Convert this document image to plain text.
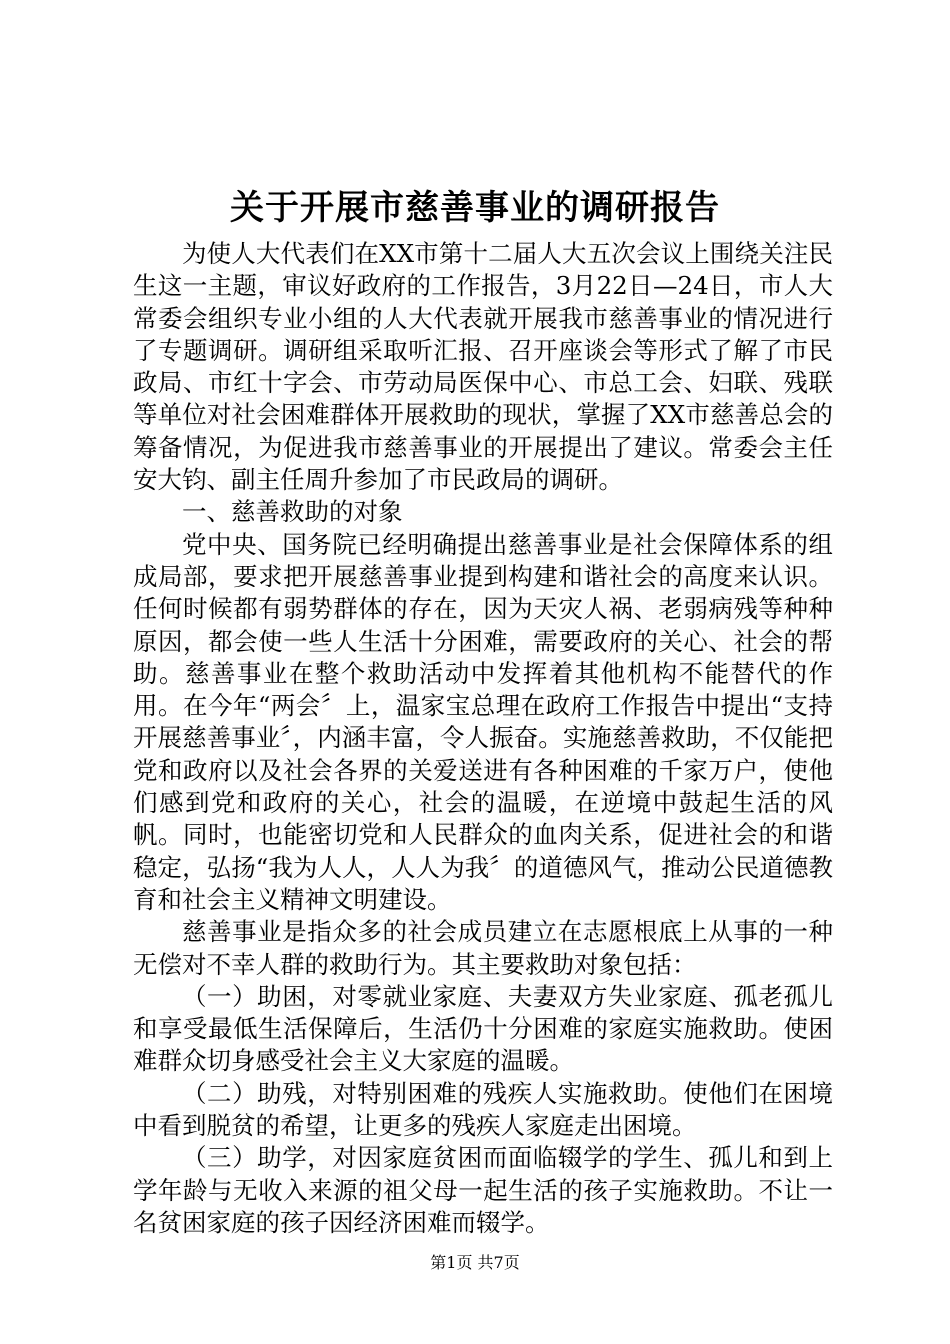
关于开展市慈善事业的调研报告

为使人大代表们在XX市第十二届人大五次会议上围绕关注民生这一主题，审议好政府的工作报告，3月22日—24日，市人大常委会组织专业小组的人大代表就开展我市慈善事业的情况进行了专题调研。调研组采取听汇报、召开座谈会等形式了解了市民政局、市红十字会、市劳动局医保中心、市总工会、妇联、残联等单位对社会困难群体开展救助的现状，掌握了XX市慈善总会的筹备情况，为促进我市慈善事业的开展提出了建议。常委会主任安大钧、副主任周升参加了市民政局的调研。

一、慈善救助的对象

党中央、国务院已经明确提出慈善事业是社会保障体系的组成局部，要求把开展慈善事业提到构建和谐社会的高度来认识。任何时候都有弱势群体的存在，因为天灾人祸、老弱病残等种种原因，都会使一些人生活十分困难，需要政府的关心、社会的帮助。慈善事业在整个救助活动中发挥着其他机构不能替代的作用。在今年“两会〞上，温家宝总理在政府工作报告中提出“支持开展慈善事业〞，内涵丰富，令人振奋。实施慈善救助，不仅能把党和政府以及社会各界的关爱送进有各种困难的千家万户，使他们感到党和政府的关心，社会的温暖，在逆境中鼓起生活的风帆。同时，也能密切党和人民群众的血肉关系，促进社会的和谐稳定，弘扬“我为人人，人人为我〞的道德风气，推动公民道德教育和社会主义精神文明建设。

慈善事业是指众多的社会成员建立在志愿根底上从事的一种无偿对不幸人群的救助行为。其主要救助对象包括：

（一）助困，对零就业家庭、夫妻双方失业家庭、孤老孤儿和享受最低生活保障后，生活仍十分困难的家庭实施救助。使困难群众切身感受社会主义大家庭的温暖。

（二）助残，对特别困难的残疾人实施救助。使他们在困境中看到脱贫的希望，让更多的残疾人家庭走出困境。

（三）助学，对因家庭贫困而面临辍学的学生、孤儿和到上学年龄与无收入来源的祖父母一起生活的孩子实施救助。不让一名贫困家庭的孩子因经济困难而辍学。

第1页 共7页
